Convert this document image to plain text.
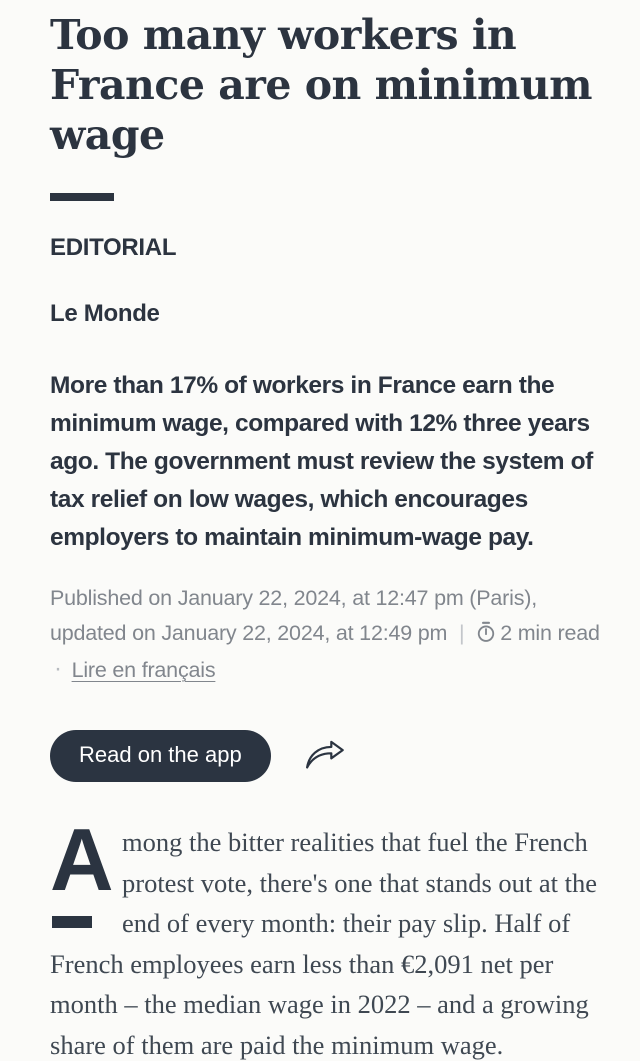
Too many workers in France are on minimum wage
EDITORIAL
Le Monde

More than 17% of workers in France earn the minimum wage, compared with 12% three years ago. The government must review the system of tax relief on low wages, which encourages employers to maintain minimum-wage pay.

Published on January 22, 2024, at 12:47 pm (Paris), updated on January 22, 2024, at 12:49 pm | 2 min read · Lire en français

Read on the app
A mong the bitter realities that fuel the French protest vote, there's one that stands out at the end of every month: their pay slip. Half of French employees earn less than €2,091 net per month – the median wage in 2022 – and a growing share of them are paid the minimum wage.
